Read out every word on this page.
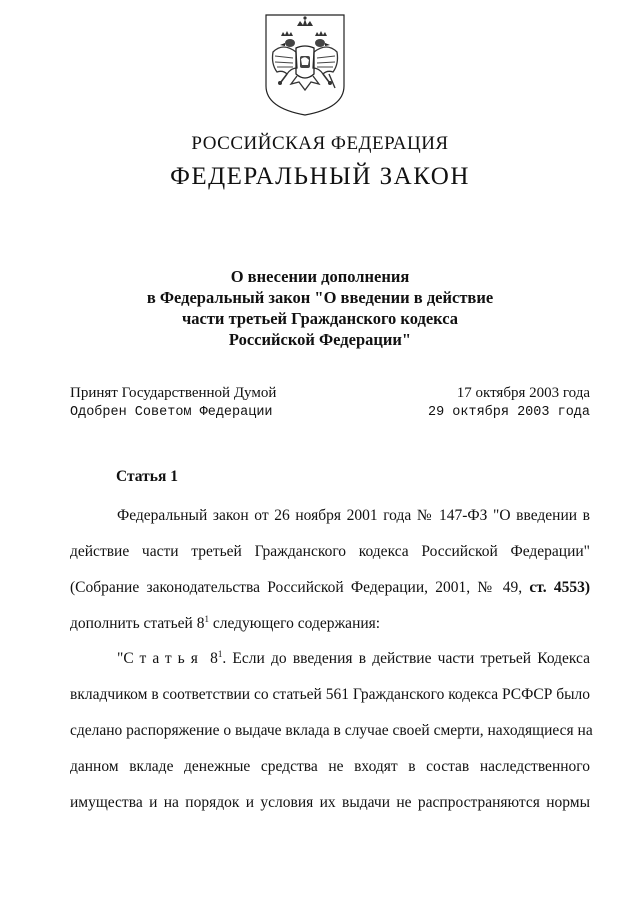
РОССИЙСКАЯ ФЕДЕРАЦИЯ
ФЕДЕРАЛЬНЫЙ ЗАКОН
О внесении дополнения
в Федеральный закон "О введении в действие
части третьей Гражданского кодекса
Российской Федерации"
Принят Государственной Думой
Одобрен Советом Федерации
17 октября 2003 года
29 октября 2003 года
Статья 1
Федеральный закон от 26 ноября 2001 года № 147-ФЗ "О введении в
действие части третьей Гражданского кодекса Российской Федерации"
(Собрание законодательства Российской Федерации, 2001, № 49, ст. 4553)
дополнить статьей $8^1$ следующего содержания:
"Статья $8^1$. Если до введения в действие части третьей Кодекса
вкладчиком в соответствии со статьей 561 Гражданского кодекса РСФСР было
сделано распоряжение о выдаче вклада в случае своей смерти, находящиеся на
данном вкладе денежные средства не входят в состав наследственного
имущества и на порядок и условия их выдачи не распространяются нормы
